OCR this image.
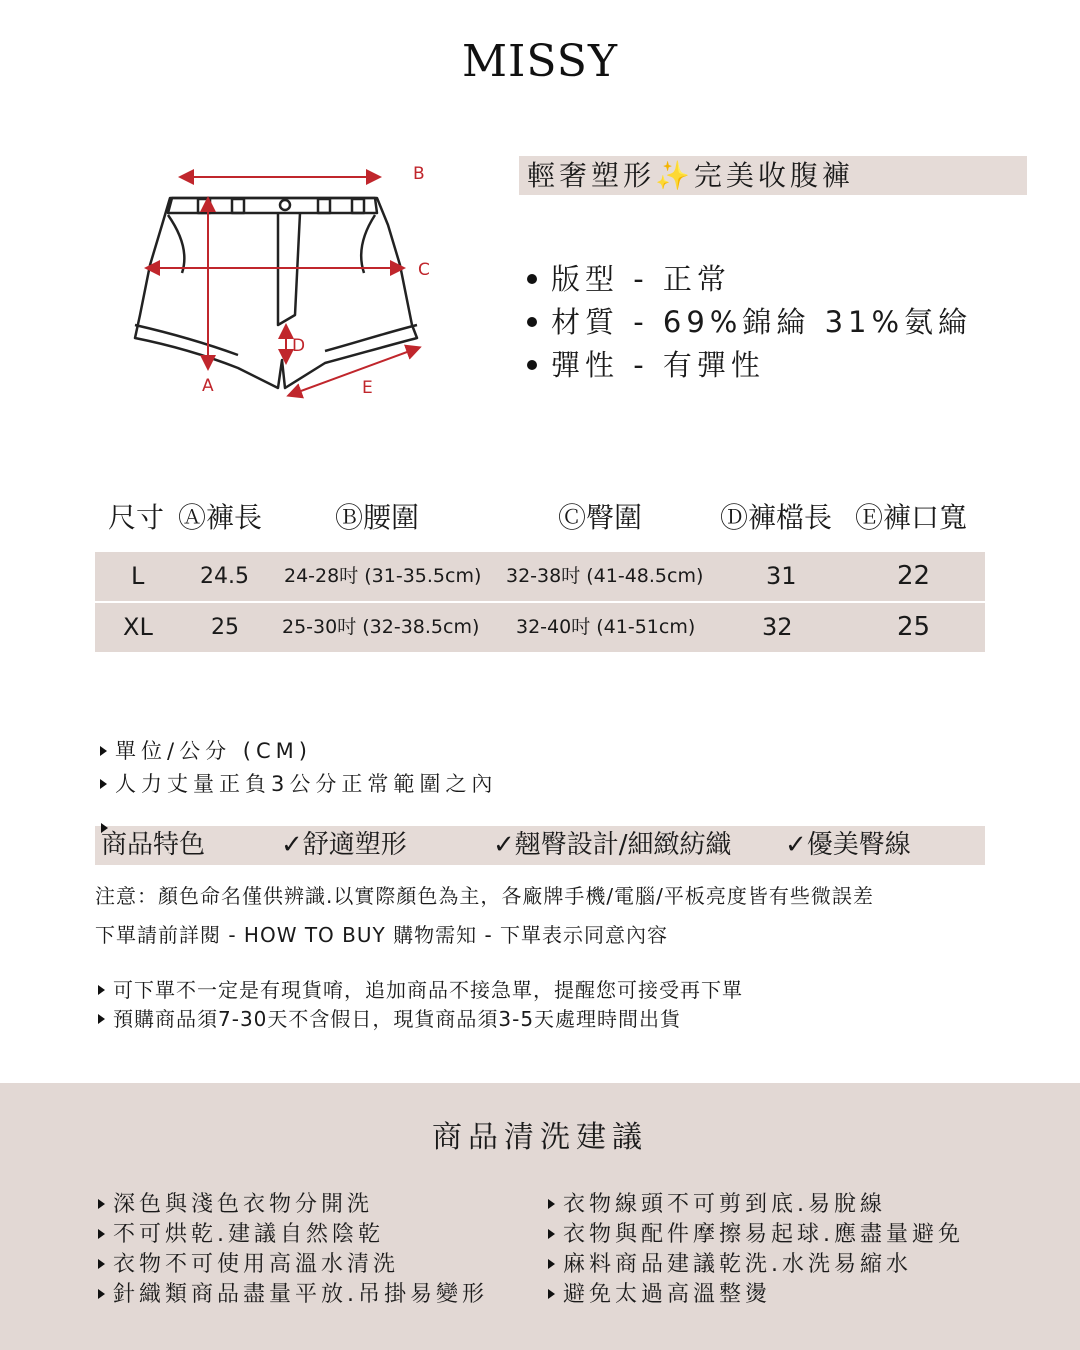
MISSY
B
C
A
D
E
輕奢塑形✨完美收腹褲
版型 - 正常
材質 - 69%錦綸 31%氨綸
彈性 - 有彈性
尺寸 Ⓐ褲長	Ⓑ腰圍	Ⓒ臀圍	Ⓓ褲檔長 Ⓔ褲口寬
L	24.5 24-28吋 (31-35.5cm) 32-38吋 (41-48.5cm)	31	22
XL	25 25-30吋 (32-38.5cm) 32-40吋 (41-51cm)	32	25
單位/公分 (CM)
人力丈量正負3公分正常範圍之內
商品特色	✓舒適塑形	✓翹臀設計/細緻紡織 ✓優美臀線
注意：顏色命名僅供辨識.以實際顏色為主，各廠牌手機/電腦/平板亮度皆有些微誤差
下單請前詳閱 - HOW TO BUY 購物需知 - 下單表示同意內容
可下單不一定是有現貨唷，追加商品不接急單，提醒您可接受再下單
預購商品須7-30天不含假日，現貨商品須3-5天處理時間出貨
商品清洗建議
深色與淺色衣物分開洗
不可烘乾.建議自然陰乾
衣物不可使用高溫水清洗
針織類商品盡量平放.吊掛易變形
衣物線頭不可剪到底.易脫線
衣物與配件摩擦易起球.應盡量避免
麻料商品建議乾洗.水洗易縮水
避免太過高溫整燙
